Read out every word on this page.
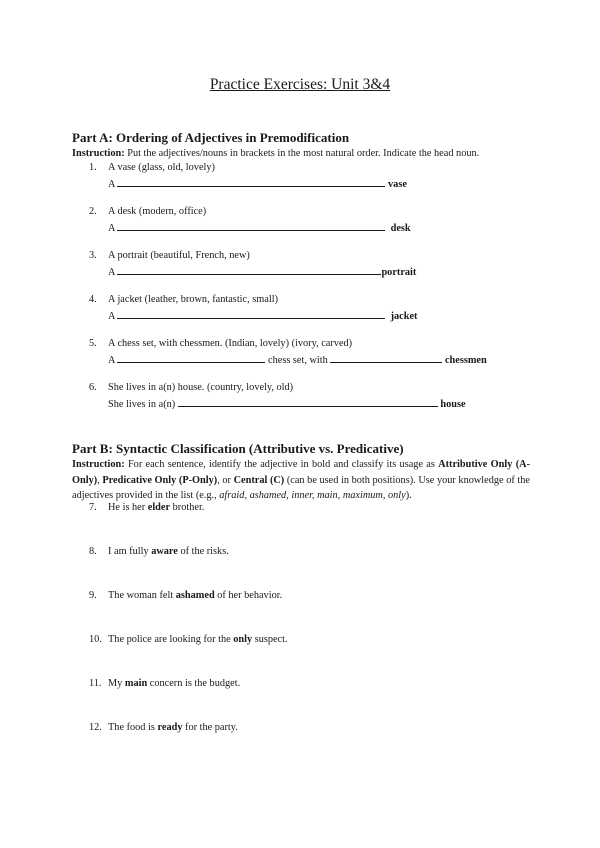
Practice Exercises: Unit 3&4
Part A: Ordering of Adjectives in Premodification
Instruction: Put the adjectives/nouns in brackets in the most natural order. Indicate the head noun.
1. A vase (glass, old, lovely)
A	vase
2. A desk (modern, office)
A	desk
3. A portrait (beautiful, French, new)
A	portrait
4. A jacket (leather, brown, fantastic, small)
A	jacket
5. A chess set, with chessmen. (Indian, lovely) (ivory, carved)
A	chess set, with	chessmen
6. She lives in a(n) house. (country, lovely, old)
She lives in a(n)	house
Part B: Syntactic Classification (Attributive vs. Predicative)
Instruction: For each sentence, identify the adjective in bold and classify its usage as Attributive Only (A-Only), Predicative Only (P-Only), or Central (C) (can be used in both positions). Use your knowledge of the adjectives provided in the list (e.g., afraid, ashamed, inner, main, maximum, only).
7. He is her elder brother.
8. I am fully aware of the risks.
9. The woman felt ashamed of her behavior.
10. The police are looking for the only suspect.
11. My main concern is the budget.
12. The food is ready for the party.
